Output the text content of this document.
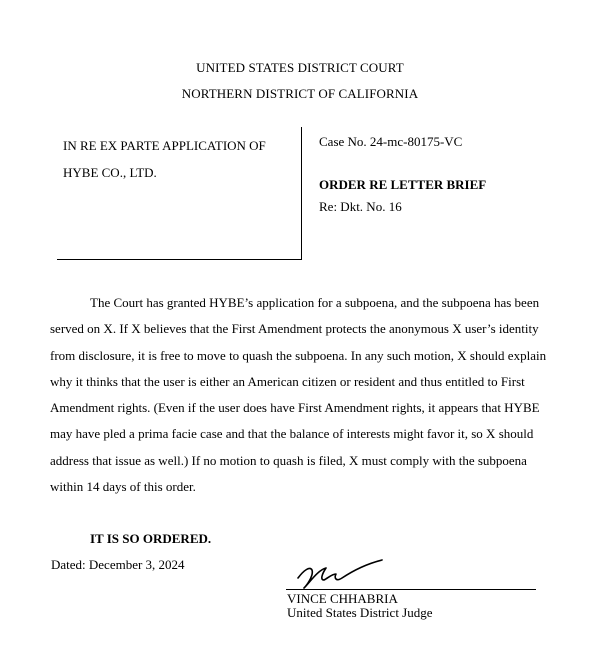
UNITED STATES DISTRICT COURT
NORTHERN DISTRICT OF CALIFORNIA
IN RE EX PARTE APPLICATION OF
HYBE CO., LTD.
Case No. 24-mc-80175-VC
ORDER RE LETTER BRIEF
Re: Dkt. No. 16
The Court has granted HYBE’s application for a subpoena, and the subpoena has been
served on X. If X believes that the First Amendment protects the anonymous X user’s identity
from disclosure, it is free to move to quash the subpoena. In any such motion, X should explain
why it thinks that the user is either an American citizen or resident and thus entitled to First
Amendment rights. (Even if the user does have First Amendment rights, it appears that HYBE
may have pled a prima facie case and that the balance of interests might favor it, so X should
address that issue as well.) If no motion to quash is filed, X must comply with the subpoena
within 14 days of this order.
IT IS SO ORDERED.
Dated: December 3, 2024
VINCE CHHABRIA
United States District Judge
